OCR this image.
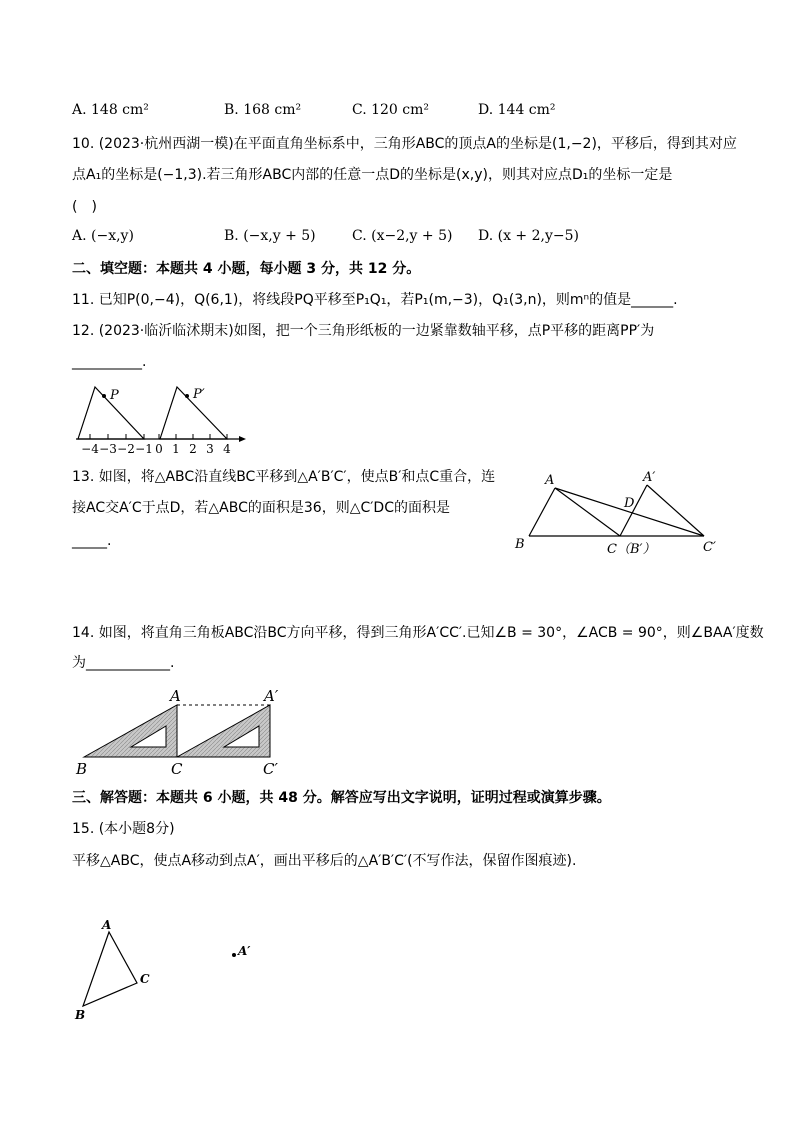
A. 148 cm²	B. 168 cm²	C. 120 cm²	D. 144 cm²
10. (2023·杭州西湖一模)在平面直角坐标系中，三角形ABC的顶点A的坐标是(1,−2)，平移后，得到其对应
点A₁的坐标是(−1,3).若三角形ABC内部的任意一点D的坐标是(x,y)，则其对应点D₁的坐标一定是
(　)
A. (−x,y)	B. (−x,y + 5)	C. (x−2,y + 5) D. (x + 2,y−5)
二、填空题：本题共 4 小题，每小题 3 分，共 12 分。
11. 已知P(0,−4)，Q(6,1)，将线段PQ平移至P₁Q₁，若P₁(m,−3)，Q₁(3,n)，则mⁿ的值是______.
12. (2023·临沂临沭期末)如图，把一个三角形纸板的一边紧靠数轴平移，点P平移的距离PP′为
__________.
P	P′
−4 −3 −2 −1 0 1 2 3 4
13. 如图，将△ABC沿直线BC平移到△A′B′C′，使点B′和点C重合，连
接AC交A′C于点D，若△ABC的面积是36，则△C′DC的面积是
_____.
A	A′
D
B	C（B′）	C′
14. 如图，将直角三角板ABC沿BC方向平移，得到三角形A′CC′.已知∠B = 30°，∠ACB = 90°，则∠BAA′度数
为____________.
A	A′
B	C	C′
三、解答题：本题共 6 小题，共 48 分。解答应写出文字说明，证明过程或演算步骤。
15. (本小题8分)
平移△ABC，使点A移动到点A′，画出平移后的△A′B′C′(不写作法，保留作图痕迹).
A
B
C
A′
